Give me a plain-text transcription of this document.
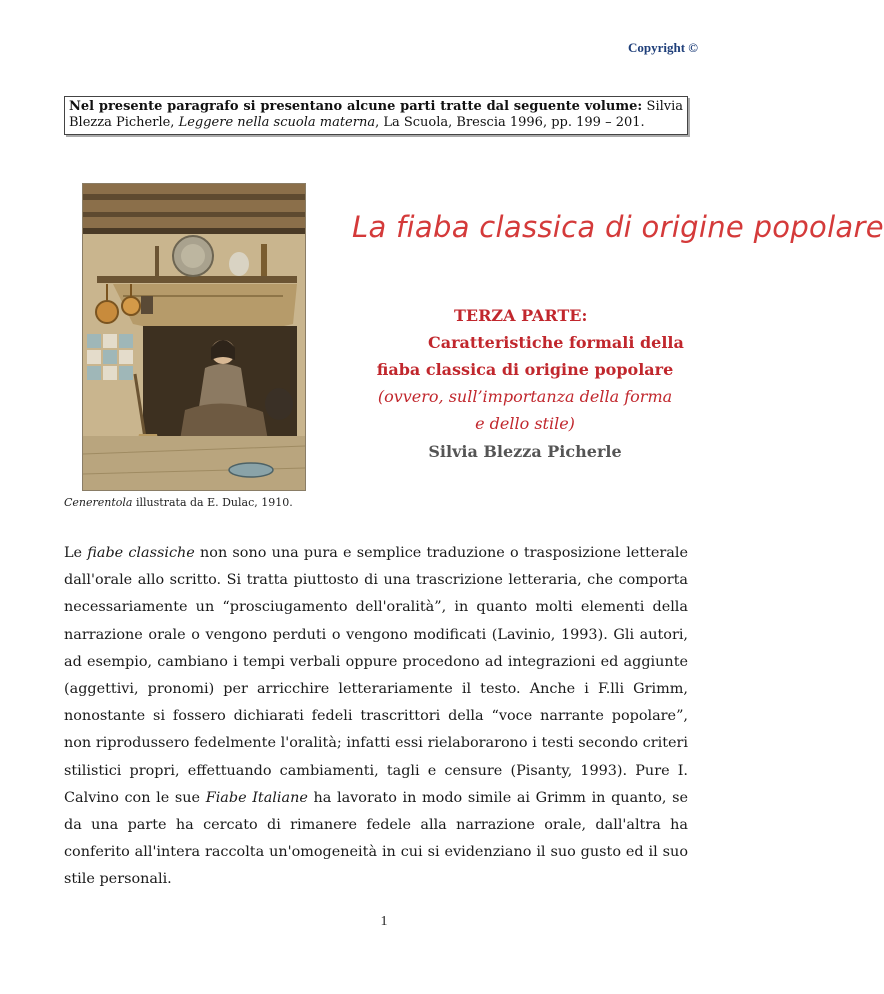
Copyright ©
Nel presente paragrafo si presentano alcune parti tratte dal seguente volume: Silvia Blezza Picherle, Leggere nella scuola materna, La Scuola, Brescia 1996, pp. 199 – 201.
Cenerentola illustrata da E. Dulac, 1910.
La fiaba classica di origine popolare
TERZA PARTE:
Caratteristiche formali della
fiaba classica di origine popolare
(ovvero, sull’importanza della forma
e dello stile)
Silvia Blezza Picherle
Le fiabe classiche non sono una pura e semplice traduzione o trasposizione letterale dall'orale allo scritto. Si tratta piuttosto di una trascrizione letteraria, che comporta necessariamente un “prosciugamento dell'oralità”, in quanto molti elementi della narrazione orale o vengono perduti o vengono modificati (Lavinio, 1993). Gli autori, ad esempio, cambiano i tempi verbali oppure procedono ad integrazioni ed aggiunte (aggettivi, pronomi) per arricchire letterariamente il testo. Anche i F.lli Grimm, nonostante si fossero dichiarati fedeli trascrittori della “voce narrante popolare”, non riprodussero fedelmente l'oralità; infatti essi rielaborarono i testi secondo criteri stilistici propri, effettuando cambiamenti, tagli e censure (Pisanty, 1993). Pure I. Calvino con le sue Fiabe Italiane ha lavorato in modo simile ai Grimm in quanto, se da una parte ha cercato di rimanere fedele alla narrazione orale, dall'altra ha conferito all'intera raccolta un'omogeneità in cui si evidenziano il suo gusto ed il suo stile personali.
1
